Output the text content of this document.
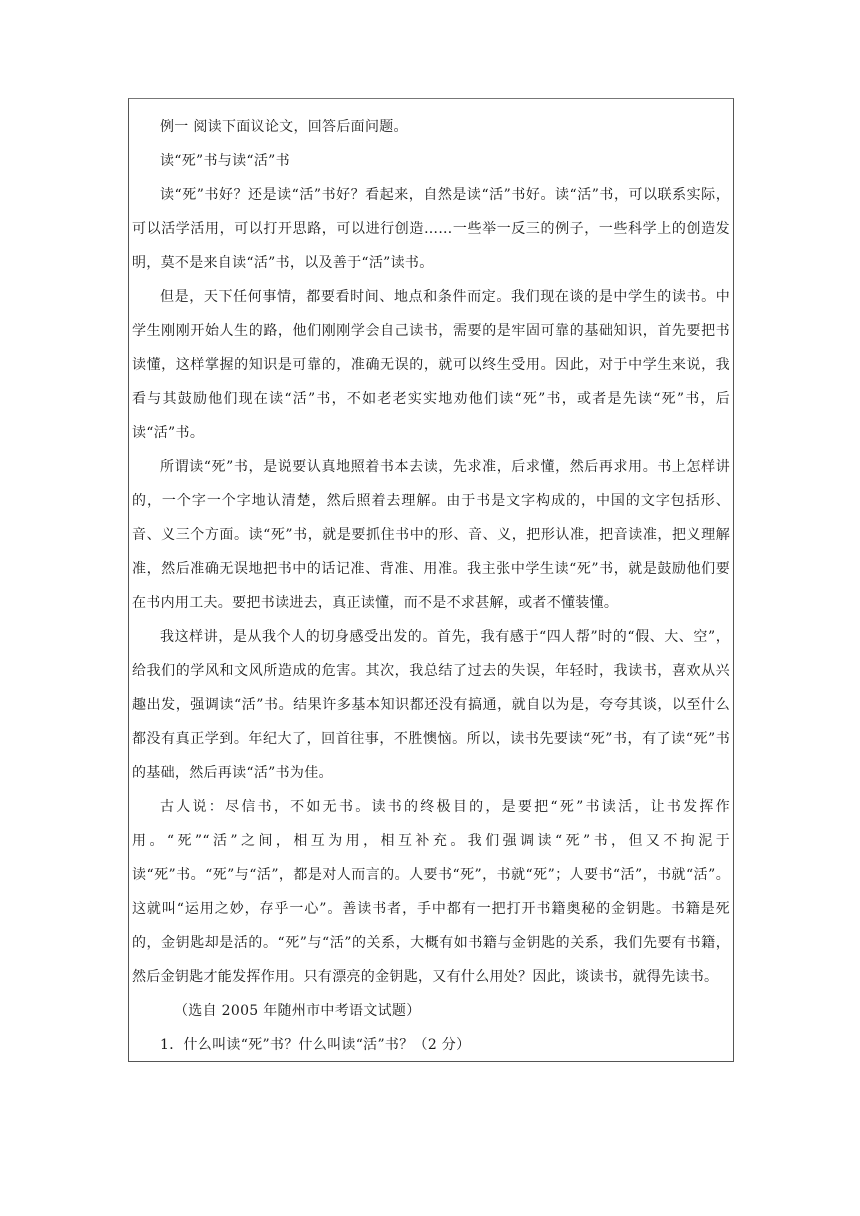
例一 阅读下面议论文，回答后面问题。

读“死”书与读“活”书

读“死”书好？还是读“活”书好？看起来，自然是读“活”书好。读“活”书，可以联系实际，可以活学活用，可以打开思路，可以进行创造……一些举一反三的例子，一些科学上的创造发明，莫不是来自读“活”书，以及善于“活”读书。

但是，天下任何事情，都要看时间、地点和条件而定。我们现在谈的是中学生的读书。中学生刚刚开始人生的路，他们刚刚学会自己读书，需要的是牢固可靠的基础知识，首先要把书读懂，这样掌握的知识是可靠的，准确无误的，就可以终生受用。因此，对于中学生来说，我看与其鼓励他们现在读“活”书，不如老老实实地劝他们读“死”书，或者是先读“死”书，后读“活”书。

所谓读“死”书，是说要认真地照着书本去读，先求准，后求懂，然后再求用。书上怎样讲的，一个字一个字地认清楚，然后照着去理解。由于书是文字构成的，中国的文字包括形、音、义三个方面。读“死”书，就是要抓住书中的形、音、义，把形认准，把音读准，把义理解准，然后准确无误地把书中的话记准、背准、用准。我主张中学生读“死”书，就是鼓励他们要在书内用工夫。要把书读进去，真正读懂，而不是不求甚解，或者不懂装懂。

我这样讲，是从我个人的切身感受出发的。首先，我有感于“四人帮”时的“假、大、空”，给我们的学风和文风所造成的危害。其次，我总结了过去的失误，年轻时，我读书，喜欢从兴趣出发，强调读“活”书。结果许多基本知识都还没有搞通，就自以为是，夸夸其谈，以至什么都没有真正学到。年纪大了，回首往事，不胜懊恼。所以，读书先要读“死”书，有了读“死”书的基础，然后再读“活”书为佳。

古人说：尽信书，不如无书。读书的终极目的，是要把“死”书读活，让书发挥作用。“死”“活”之间，相互为用，相互补充。我们强调读“死”书，但又不拘泥于读“死”书。“死”与“活”，都是对人而言的。人要书“死”，书就“死”；人要书“活”，书就“活”。这就叫“运用之妙，存乎一心”。善读书者，手中都有一把打开书籍奥秘的金钥匙。书籍是死的，金钥匙却是活的。“死”与“活”的关系，大概有如书籍与金钥匙的关系，我们先要有书籍，然后金钥匙才能发挥作用。只有漂亮的金钥匙，又有什么用处？因此，谈读书，就得先读书。

（选自 2005 年随州市中考语文试题）

1．什么叫读“死”书？什么叫读“活”书？（2 分）
